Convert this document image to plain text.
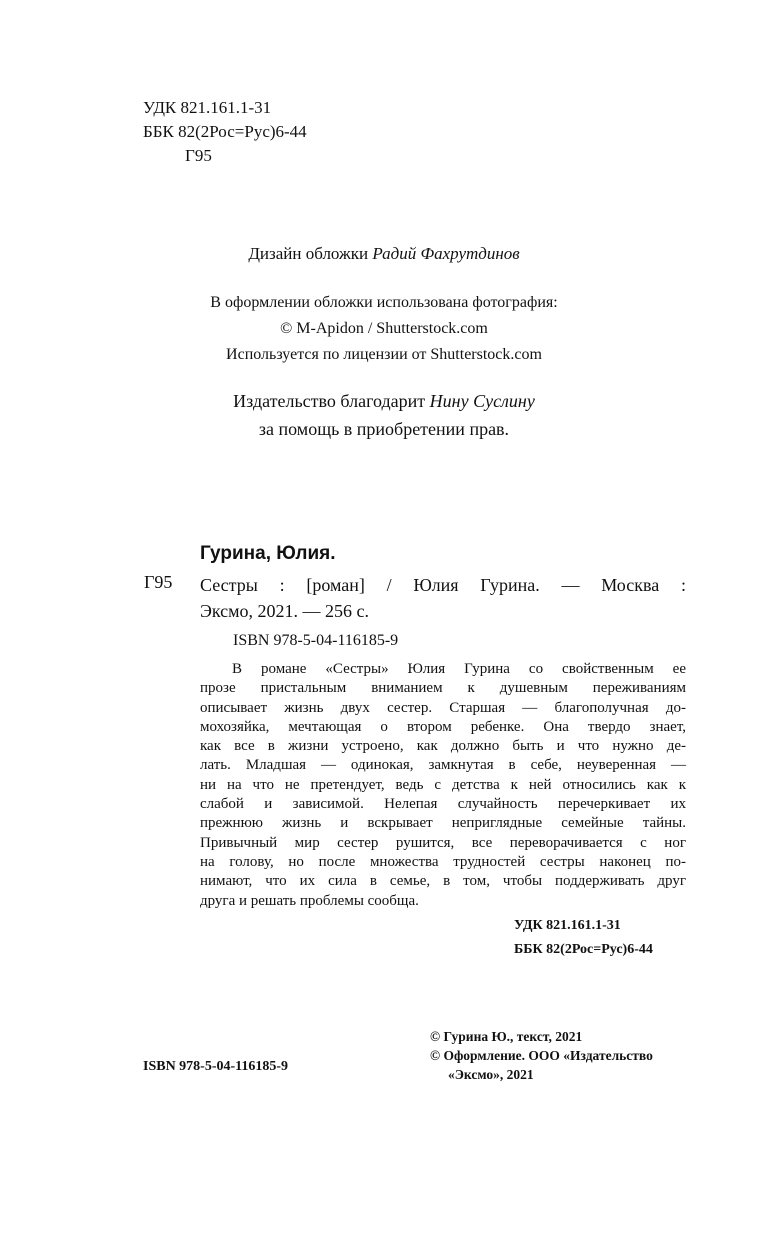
УДК 821.161.1-31
ББК 82(2Рос=Рус)6-44
Г95
Дизайн обложки Радий Фахрутдинов
В оформлении обложки использована фотография:
© M-Apidon / Shutterstock.com
Используется по лицензии от Shutterstock.com
Издательство благодарит Нину Суслину
за помощь в приобретении прав.
Гурина, Юлия.
Г95 Сестры : [роман] / Юлия Гурина. — Москва :
Эксмо, 2021. — 256 с.
ISBN 978-5-04-116185-9
В романе «Сестры» Юлия Гурина со свойственным ее
прозе пристальным вниманием к душевным переживаниям
описывает жизнь двух сестер. Старшая — благополучная до-
мохозяйка, мечтающая о втором ребенке. Она твердо знает,
как все в жизни устроено, как должно быть и что нужно де-
лать. Младшая — одинокая, замкнутая в себе, неуверенная —
ни на что не претендует, ведь с детства к ней относились как к
слабой и зависимой. Нелепая случайность перечеркивает их
прежнюю жизнь и вскрывает неприглядные семейные тайны.
Привычный мир сестер рушится, все переворачивается с ног
на голову, но после множества трудностей сестры наконец по-
нимают, что их сила в семье, в том, чтобы поддерживать друг
друга и решать проблемы сообща.
УДК 821.161.1-31
ББК 82(2Рос=Рус)6-44
© Гурина Ю., текст, 2021
© Оформление. ООО «Издательство
«Эксмо», 2021
ISBN 978-5-04-116185-9
